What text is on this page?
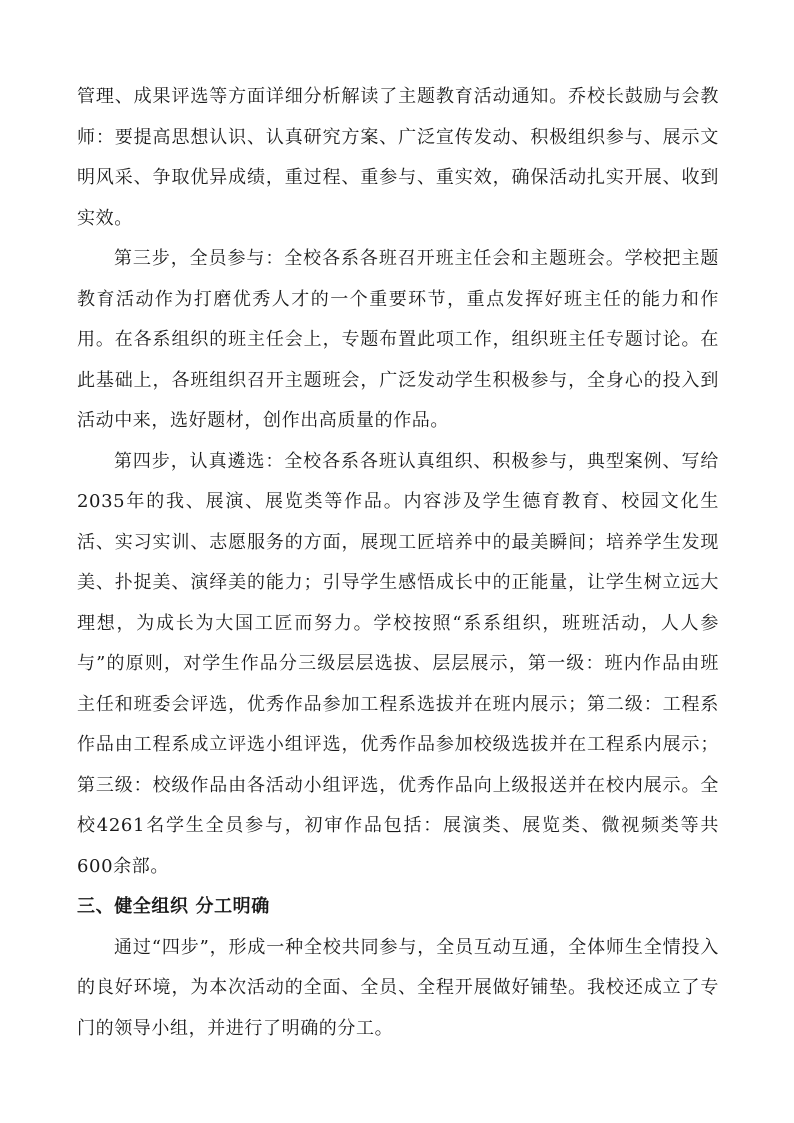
管理、成果评选等方面详细分析解读了主题教育活动通知。乔校长鼓励与会教师：要提高思想认识、认真研究方案、广泛宣传发动、积极组织参与、展示文明风采、争取优异成绩，重过程、重参与、重实效，确保活动扎实开展、收到实效。

第三步，全员参与：全校各系各班召开班主任会和主题班会。学校把主题教育活动作为打磨优秀人才的一个重要环节，重点发挥好班主任的能力和作用。在各系组织的班主任会上，专题布置此项工作，组织班主任专题讨论。在此基础上，各班组织召开主题班会，广泛发动学生积极参与，全身心的投入到活动中来，选好题材，创作出高质量的作品。

第四步，认真遴选：全校各系各班认真组织、积极参与，典型案例、写给2035年的我、展演、展览类等作品。内容涉及学生德育教育、校园文化生活、实习实训、志愿服务的方面，展现工匠培养中的最美瞬间；培养学生发现美、扑捉美、演绎美的能力；引导学生感悟成长中的正能量，让学生树立远大理想，为成长为大国工匠而努力。学校按照“系系组织，班班活动，人人参与”的原则，对学生作品分三级层层选拔、层层展示，第一级：班内作品由班主任和班委会评选，优秀作品参加工程系选拔并在班内展示；第二级：工程系作品由工程系成立评选小组评选，优秀作品参加校级选拔并在工程系内展示；第三级：校级作品由各活动小组评选，优秀作品向上级报送并在校内展示。全校4261名学生全员参与，初审作品包括：展演类、展览类、微视频类等共600余部。

三、健全组织 分工明确

通过“四步”，形成一种全校共同参与，全员互动互通，全体师生全情投入的良好环境，为本次活动的全面、全员、全程开展做好铺垫。我校还成立了专门的领导小组，并进行了明确的分工。
